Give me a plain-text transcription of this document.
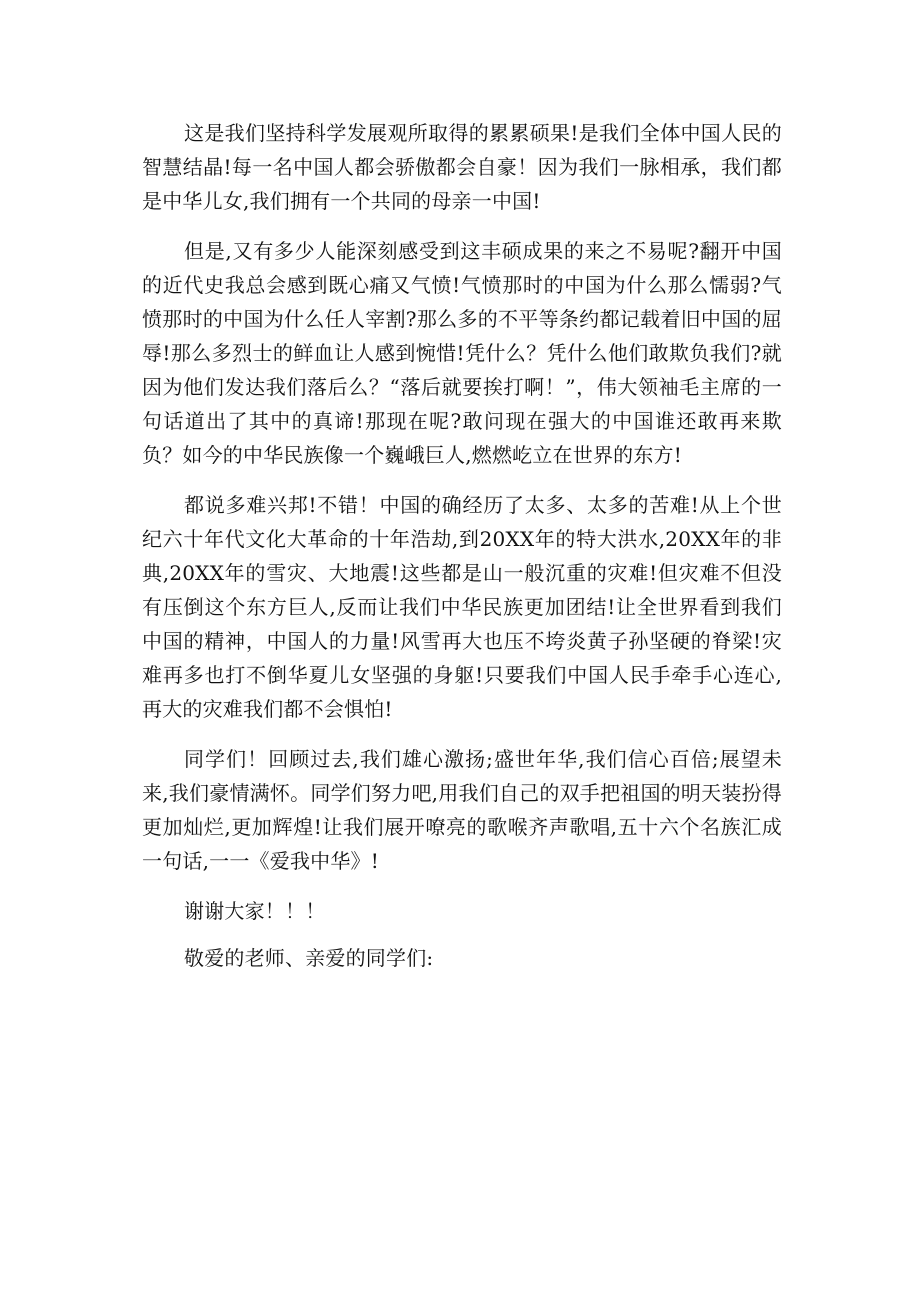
这是我们坚持科学发展观所取得的累累硕果!是我们全体中国人民的智慧结晶!每一名中国人都会骄傲都会自豪！因为我们一脉相承，我们都是中华儿女,我们拥有一个共同的母亲一中国!

但是,又有多少人能深刻感受到这丰硕成果的来之不易呢?翻开中国的近代史我总会感到既心痛又气愤!气愤那时的中国为什么那么懦弱?气愤那时的中国为什么任人宰割?那么多的不平等条约都记载着旧中国的屈辱!那么多烈士的鲜血让人感到惋惜!凭什么？凭什么他们敢欺负我们?就因为他们发达我们落后么？“落后就要挨打啊！”，伟大领袖毛主席的一句话道出了其中的真谛!那现在呢?敢问现在强大的中国谁还敢再来欺负？如今的中华民族像一个巍峨巨人,燃燃屹立在世界的东方!

都说多难兴邦!不错！中国的确经历了太多、太多的苦难!从上个世纪六十年代文化大革命的十年浩劫,到20XX年的特大洪水,20XX年的非典,20XX年的雪灾、大地震!这些都是山一般沉重的灾难!但灾难不但没有压倒这个东方巨人,反而让我们中华民族更加团结!让全世界看到我们中国的精神，中国人的力量!风雪再大也压不垮炎黄子孙坚硬的脊梁!灾难再多也打不倒华夏儿女坚强的身躯!只要我们中国人民手牵手心连心,再大的灾难我们都不会惧怕!

同学们！回顾过去,我们雄心激扬;盛世年华,我们信心百倍;展望未来,我们豪情满怀。同学们努力吧,用我们自己的双手把祖国的明天装扮得更加灿烂,更加辉煌!让我们展开嘹亮的歌喉齐声歌唱,五十六个名族汇成一句话,一一《爱我中华》!

谢谢大家！！！

敬爱的老师、亲爱的同学们:
